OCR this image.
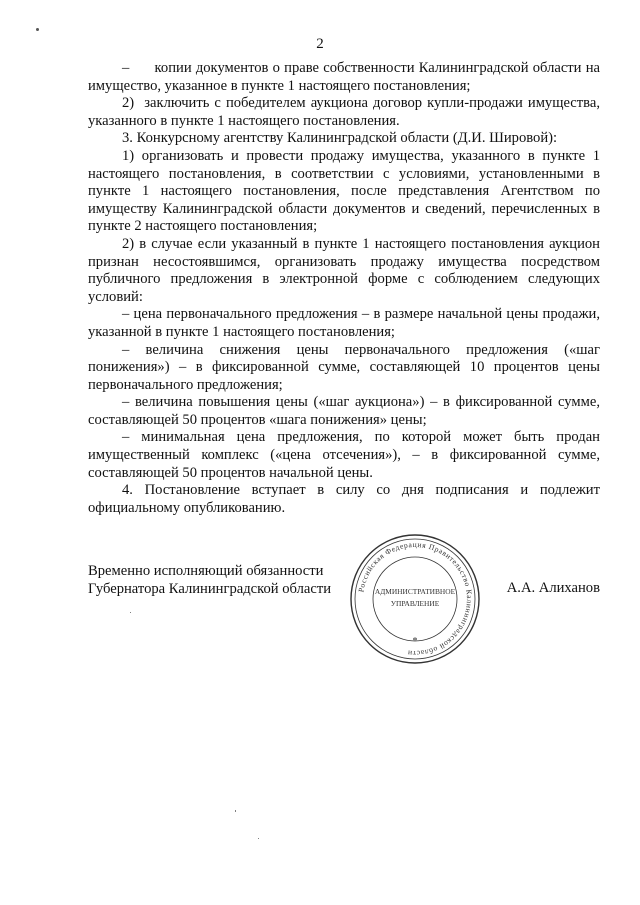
2

–      копии документов о праве собственности Калининградской области на имущество, указанное в пункте 1 настоящего постановления;

2)  заключить с победителем аукциона договор купли-продажи имущества, указанного в пункте 1 настоящего постановления.

3. Конкурсному агентству Калининградской области (Д.И. Шировой):

1) организовать и провести продажу имущества, указанного в пункте 1 настоящего постановления, в соответствии с условиями, установленными в пункте 1 настоящего постановления, после представления Агентством по имуществу Калининградской области документов и сведений, перечисленных в пункте 2 настоящего постановления;

2) в случае если указанный в пункте 1 настоящего постановления аукцион признан несостоявшимся, организовать продажу имущества посредством публичного предложения в электронной форме с соблюдением следующих условий:

– цена первоначального предложения – в размере начальной цены продажи, указанной в пункте 1 настоящего постановления;

– величина снижения цены первоначального предложения («шаг понижения») – в фиксированной сумме, составляющей 10 процентов цены первоначального предложения;

– величина повышения цены («шаг аукциона») – в фиксированной сумме, составляющей 50 процентов «шага понижения» цены;

– минимальная цена предложения, по которой может быть продан имущественный комплекс («цена отсечения»), – в фиксированной сумме, составляющей 50 процентов начальной цены.

4. Постановление вступает в силу со дня подписания и подлежит официальному опубликованию.

Временно исполняющий обязанности
Губернатора Калининградской области	А.А. Алиханов
Российская Федерация Правительство Калининградской области
АДМИНИСТРАТИВНОЕ
УПРАВЛЕНИЕ
*
